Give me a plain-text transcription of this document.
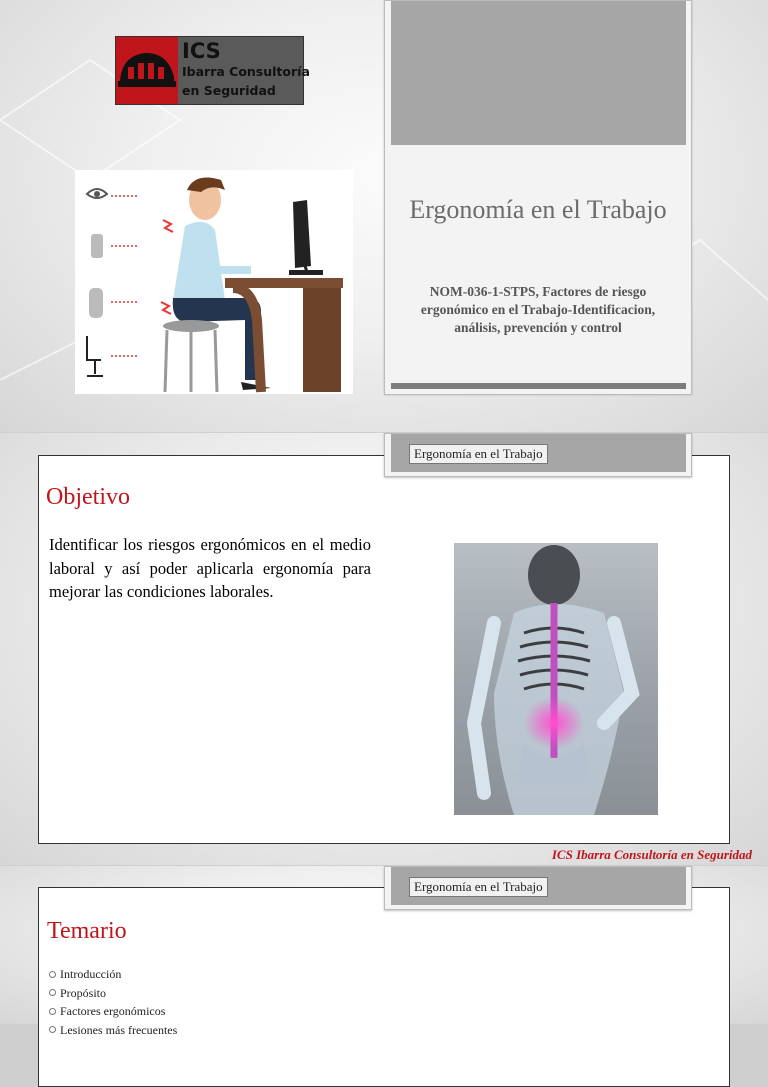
ICS
Ibarra Consultoría
en Seguridad
Ergonomía en el Trabajo
NOM-036-1-STPS, Factores de riesgo ergonómico en el Trabajo-Identificacion, análisis, prevención y control
Ergonomía en el Trabajo
Objetivo

Identificar los riesgos ergonómicos en el medio laboral y así poder aplicarla ergonomía para mejorar las condiciones laborales.

ICS Ibarra Consultoría en Seguridad
Ergonomía en el Trabajo
Temario
Introducción
Propósito
Factores ergonómicos
Lesiones más frecuentes
